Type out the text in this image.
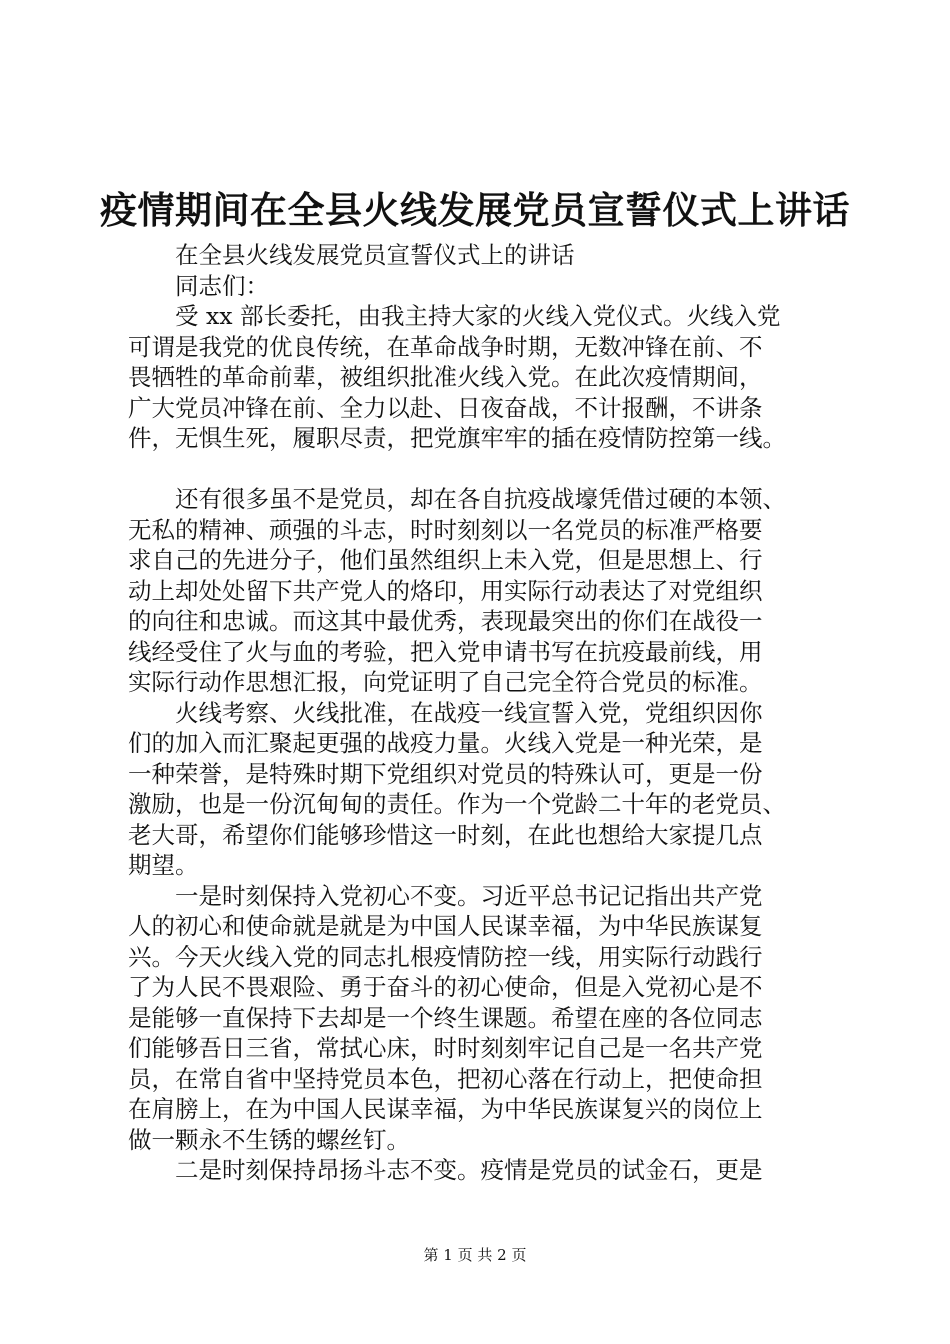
疫情期间在全县火线发展党员宣誓仪式上讲话
在全县火线发展党员宣誓仪式上的讲话
同志们：
受 xx 部长委托，由我主持大家的火线入党仪式。火线入党
可谓是我党的优良传统，在革命战争时期，无数冲锋在前、不
畏牺牲的革命前辈，被组织批准火线入党。在此次疫情期间，
广大党员冲锋在前、全力以赴、日夜奋战，不计报酬，不讲条
件，无惧生死，履职尽责，把党旗牢牢的插在疫情防控第一线。
还有很多虽不是党员，却在各自抗疫战壕凭借过硬的本领、
无私的精神、顽强的斗志，时时刻刻以一名党员的标准严格要
求自己的先进分子，他们虽然组织上未入党，但是思想上、行
动上却处处留下共产党人的烙印，用实际行动表达了对党组织
的向往和忠诚。而这其中最优秀，表现最突出的你们在战役一
线经受住了火与血的考验，把入党申请书写在抗疫最前线，用
实际行动作思想汇报，向党证明了自己完全符合党员的标准。
火线考察、火线批准，在战疫一线宣誓入党，党组织因你
们的加入而汇聚起更强的战疫力量。火线入党是一种光荣，是
一种荣誉，是特殊时期下党组织对党员的特殊认可，更是一份
激励，也是一份沉甸甸的责任。作为一个党龄二十年的老党员、
老大哥，希望你们能够珍惜这一时刻，在此也想给大家提几点
期望。
一是时刻保持入党初心不变。习近平总书记记指出共产党
人的初心和使命就是就是为中国人民谋幸福，为中华民族谋复
兴。今天火线入党的同志扎根疫情防控一线，用实际行动践行
了为人民不畏艰险、勇于奋斗的初心使命，但是入党初心是不
是能够一直保持下去却是一个终生课题。希望在座的各位同志
们能够吾日三省，常拭心床，时时刻刻牢记自己是一名共产党
员，在常自省中坚持党员本色，把初心落在行动上，把使命担
在肩膀上，在为中国人民谋幸福，为中华民族谋复兴的岗位上
做一颗永不生锈的螺丝钉。
二是时刻保持昂扬斗志不变。疫情是党员的试金石，更是
第 1 页 共 2 页
